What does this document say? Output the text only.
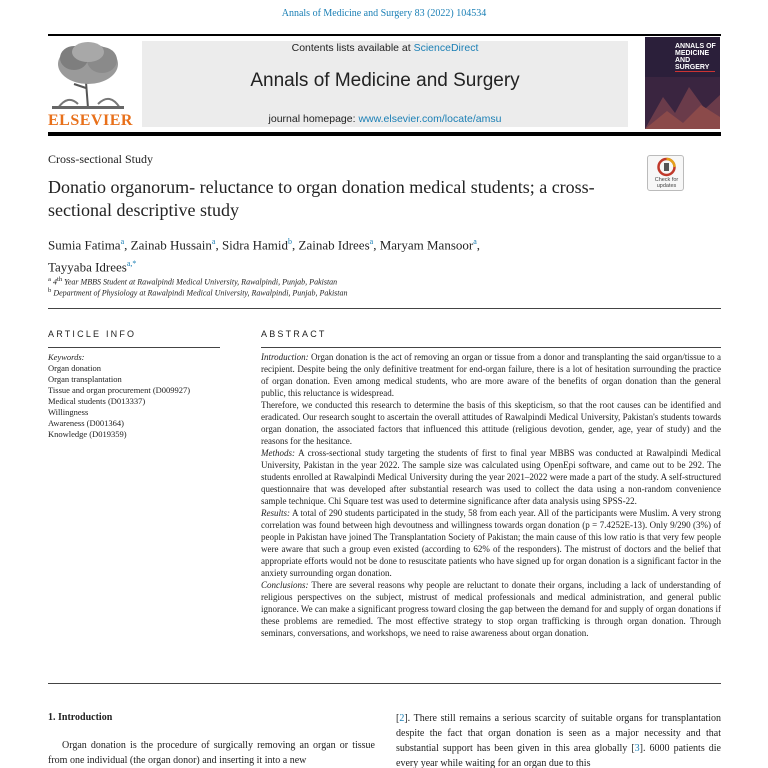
Annals of Medicine and Surgery 83 (2022) 104534
ELSEVIER
Contents lists available at ScienceDirect
Annals of Medicine and Surgery
journal homepage: www.elsevier.com/locate/amsu
ANNALS OF MEDICINE AND SURGERY
Cross-sectional Study
Check for updates
Donatio organorum- reluctance to organ donation medical students; a cross-sectional descriptive study
Sumia Fatima$^a$, Zainab Hussain$^a$, Sidra Hamid$^b$, Zainab Idrees$^a$, Maryam Mansoor$^a$,
Tayyaba Idrees$^{a,*}$
$^a$ 4th Year MBBS Student at Rawalpindi Medical University, Rawalpindi, Punjab, Pakistan
$^b$ Department of Physiology at Rawalpindi Medical University, Rawalpindi, Punjab, Pakistan
ARTICLE INFO
Keywords:
Organ donation
Organ transplantation
Tissue and organ procurement (D009927)
Medical students (D013337)
Willingness
Awareness (D001364)
Knowledge (D019359)
ABSTRACT

Introduction: Organ donation is the act of removing an organ or tissue from a donor and transplanting the said organ/tissue to a recipient. Despite being the only definitive treatment for end-organ failure, there is a lot of hesitation surrounding the practice of organ donation. Even among medical students, who are more aware of the benefits of organ donation than the general public, this reluctance is widespread.

Therefore, we conducted this research to determine the basis of this skepticism, so that the root causes can be identified and eradicated. Our research sought to ascertain the overall attitudes of Rawalpindi Medical University, Pakistan's students towards organ donation, the associated factors that influenced this attitude (religious devotion, gender, age, year of study) and the reasons for the hesitance.

Methods: A cross-sectional study targeting the students of first to final year MBBS was conducted at Rawalpindi Medical University, Pakistan in the year 2022. The sample size was calculated using OpenEpi software, and came out to be 292. The students enrolled at Rawalpindi Medical University during the year 2021–2022 were made a part of the study. A self-structured questionnaire that was developed after substantial research was used to collect the data using a non-random convenience sample technique. Chi Square test was used to determine significance after data analysis using SPSS-22.

Results: A total of 290 students participated in the study, 58 from each year. All of the participants were Muslim. A very strong correlation was found between high devoutness and willingness towards organ donation (p = 7.4252E-13). Only 9/290 (3%) of people in Pakistan have joined The Transplantation Society of Pakistan; the main cause of this low ratio is that very few people were aware that such a group even existed (according to 62% of the responders). The mistrust of doctors and the belief that appropriate efforts would not be done to resuscitate patients who have signed up for organ donation is a significant factor in the anxiety surrounding organ donation.

Conclusions: There are several reasons why people are reluctant to donate their organs, including a lack of understanding of religious perspectives on the subject, mistrust of medical professionals and medical administration, and general public ignorance. We can make a significant progress toward closing the gap between the demand for and supply of organ donations if these problems are remedied. The most effective strategy to stop organ trafficking is through organ donation. Through seminars, conversations, and workshops, we need to raise awareness about organ donation.

1. Introduction
Organ donation is the procedure of surgically removing an organ or tissue from one individual (the organ donor) and inserting it into a new
[2]. There still remains a serious scarcity of suitable organs for transplantation despite the fact that organ donation is seen as a major necessity and that substantial support has been given in this area globally [3]. 6000 patients die every year while waiting for an organ due to this
